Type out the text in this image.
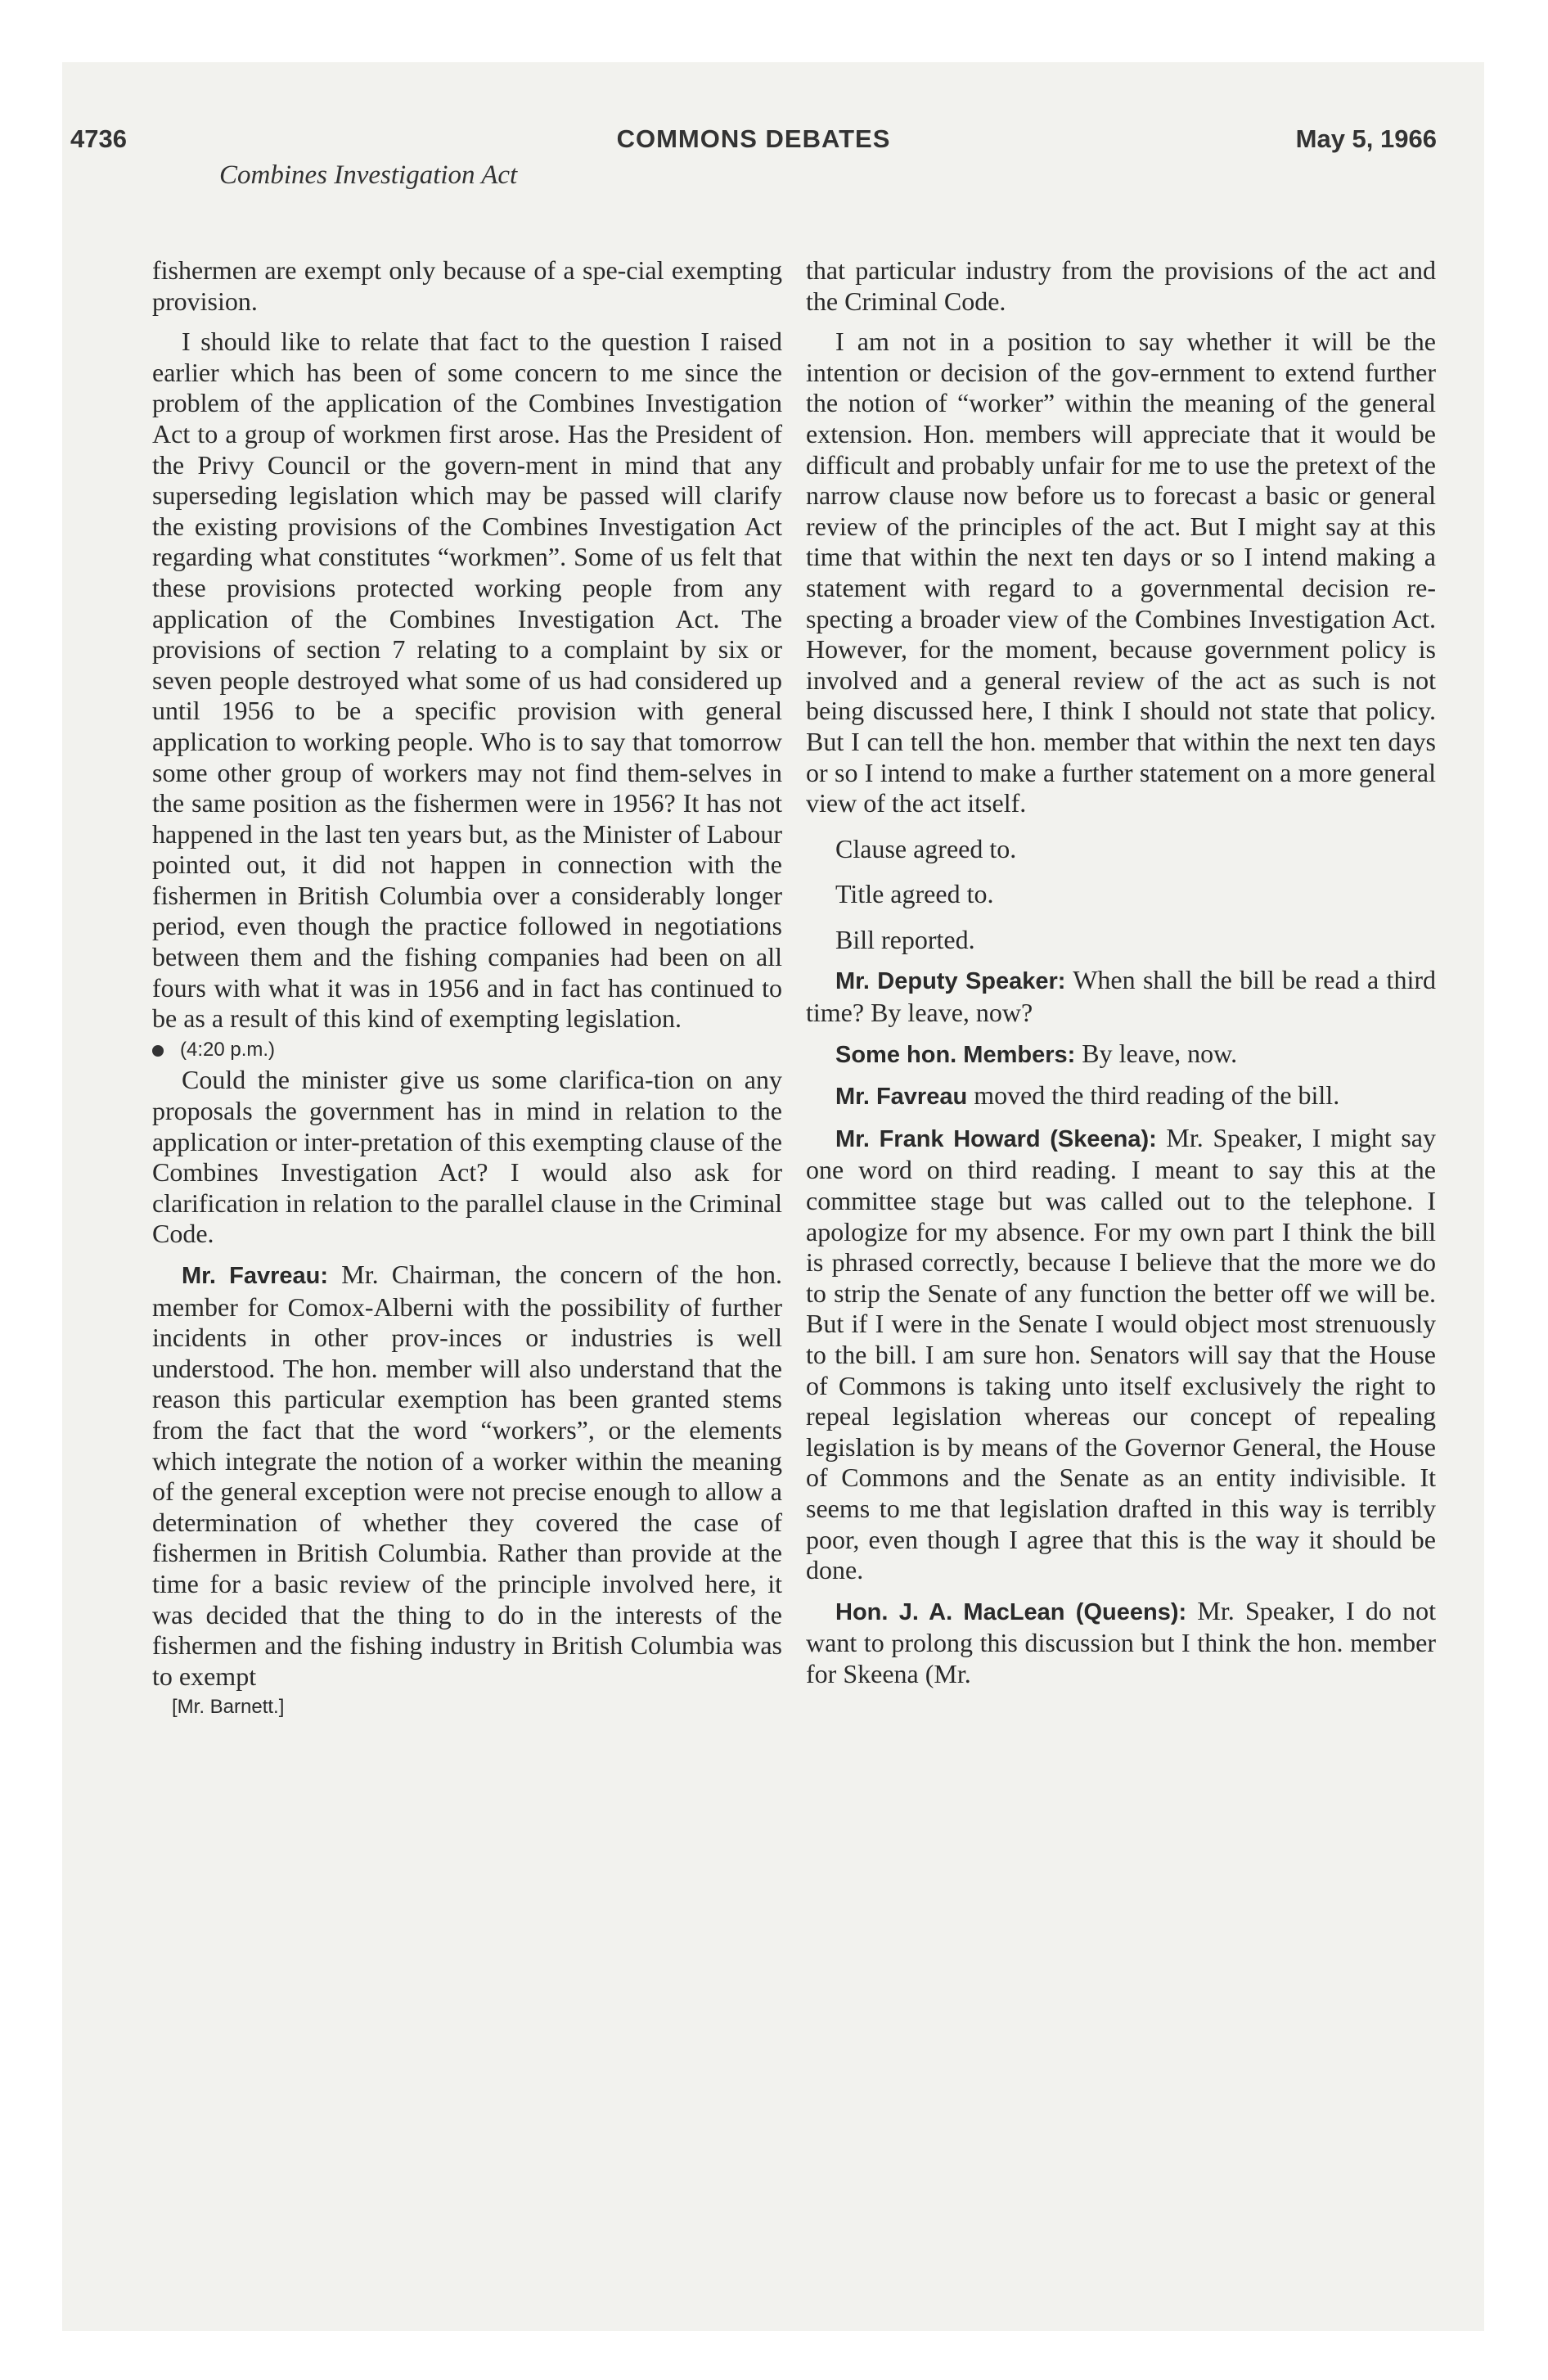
4736	COMMONS DEBATES	May 5, 1966
Combines Investigation Act

fishermen are exempt only because of a spe-cial exempting provision.

I should like to relate that fact to the question I raised earlier which has been of some concern to me since the problem of the application of the Combines Investigation Act to a group of workmen first arose. Has the President of the Privy Council or the govern-ment in mind that any superseding legislation which may be passed will clarify the existing provisions of the Combines Investigation Act regarding what constitutes “workmen”. Some of us felt that these provisions protected working people from any application of the Combines Investigation Act. The provisions of section 7 relating to a complaint by six or seven people destroyed what some of us had considered up until 1956 to be a specific provision with general application to working people. Who is to say that tomorrow some other group of workers may not find them-selves in the same position as the fishermen were in 1956? It has not happened in the last ten years but, as the Minister of Labour pointed out, it did not happen in connection with the fishermen in British Columbia over a considerably longer period, even though the practice followed in negotiations between them and the fishing companies had been on all fours with what it was in 1956 and in fact has continued to be as a result of this kind of exempting legislation.

(4:20 p.m.)

Could the minister give us some clarifica-tion on any proposals the government has in mind in relation to the application or inter-pretation of this exempting clause of the Combines Investigation Act? I would also ask for clarification in relation to the parallel clause in the Criminal Code.

Mr. Favreau: Mr. Chairman, the concern of the hon. member for Comox-Alberni with the possibility of further incidents in other prov-inces or industries is well understood. The hon. member will also understand that the reason this particular exemption has been granted stems from the fact that the word “workers”, or the elements which integrate the notion of a worker within the meaning of the general exception were not precise enough to allow a determination of whether they covered the case of fishermen in British Columbia. Rather than provide at the time for a basic review of the principle involved here, it was decided that the thing to do in the interests of the fishermen and the fishing industry in British Columbia was to exempt

[Mr. Barnett.]

that particular industry from the provisions of the act and the Criminal Code.

I am not in a position to say whether it will be the intention or decision of the gov-ernment to extend further the notion of “worker” within the meaning of the general extension. Hon. members will appreciate that it would be difficult and probably unfair for me to use the pretext of the narrow clause now before us to forecast a basic or general review of the principles of the act. But I might say at this time that within the next ten days or so I intend making a statement with regard to a governmental decision re-specting a broader view of the Combines Investigation Act. However, for the moment, because government policy is involved and a general review of the act as such is not being discussed here, I think I should not state that policy. But I can tell the hon. member that within the next ten days or so I intend to make a further statement on a more general view of the act itself.

Clause agreed to.

Title agreed to.

Bill reported.

Mr. Deputy Speaker: When shall the bill be read a third time? By leave, now?

Some hon. Members: By leave, now.

Mr. Favreau moved the third reading of the bill.

Mr. Frank Howard (Skeena): Mr. Speaker, I might say one word on third reading. I meant to say this at the committee stage but was called out to the telephone. I apologize for my absence. For my own part I think the bill is phrased correctly, because I believe that the more we do to strip the Senate of any function the better off we will be. But if I were in the Senate I would object most strenuously to the bill. I am sure hon. Senators will say that the House of Commons is taking unto itself exclusively the right to repeal legislation whereas our concept of repealing legislation is by means of the Governor General, the House of Commons and the Senate as an entity indivisible. It seems to me that legislation drafted in this way is terribly poor, even though I agree that this is the way it should be done.

Hon. J. A. MacLean (Queens): Mr. Speaker, I do not want to prolong this discussion but I think the hon. member for Skeena (Mr.
